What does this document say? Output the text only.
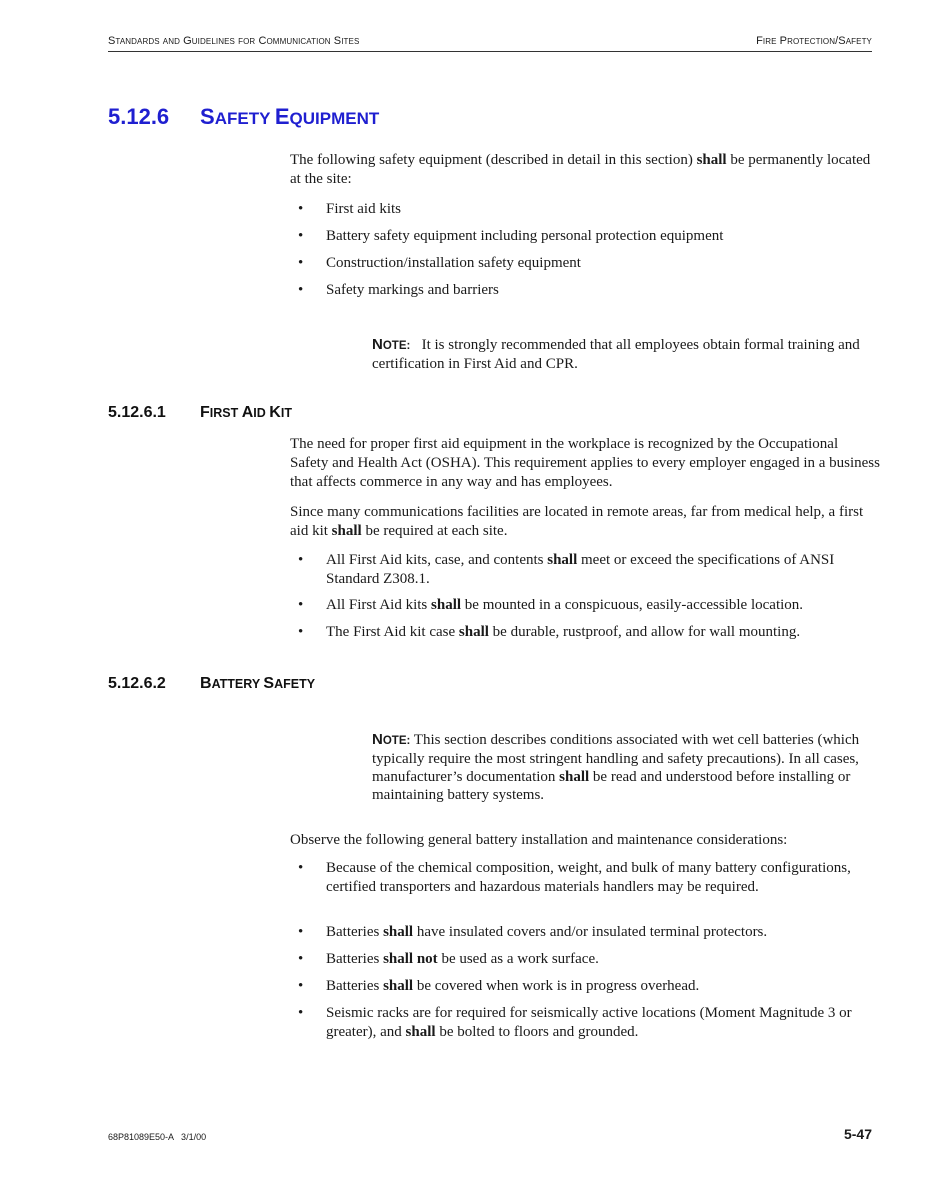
Standards and Guidelines for Communication Sites	Fire Protection/Safety
5.12.6 SAFETY EQUIPMENT
The following safety equipment (described in detail in this section) shall be permanently located at the site:
• First aid kits
• Battery safety equipment including personal protection equipment
• Construction/installation safety equipment
• Safety markings and barriers
NOTE: It is strongly recommended that all employees obtain formal training and certification in First Aid and CPR.
5.12.6.1 FIRST AID KIT
The need for proper first aid equipment in the workplace is recognized by the Occupational Safety and Health Act (OSHA). This requirement applies to every employer engaged in a business that affects commerce in any way and has employees.
Since many communications facilities are located in remote areas, far from medical help, a first aid kit shall be required at each site.
• All First Aid kits, case, and contents shall meet or exceed the specifications of ANSI Standard Z308.1.
• All First Aid kits shall be mounted in a conspicuous, easily-accessible location.
• The First Aid kit case shall be durable, rustproof, and allow for wall mounting.
5.12.6.2 BATTERY SAFETY
NOTE: This section describes conditions associated with wet cell batteries (which typically require the most stringent handling and safety precautions). In all cases, manufacturer’s documentation shall be read and understood before installing or maintaining battery systems.
Observe the following general battery installation and maintenance considerations:
• Because of the chemical composition, weight, and bulk of many battery configurations, certified transporters and hazardous materials handlers may be required.
• Batteries shall have insulated covers and/or insulated terminal protectors.
• Batteries shall not be used as a work surface.
• Batteries shall be covered when work is in progress overhead.
• Seismic racks are for required for seismically active locations (Moment Magnitude 3 or greater), and shall be bolted to floors and grounded.
68P81089E50-A   3/1/00	5-47
